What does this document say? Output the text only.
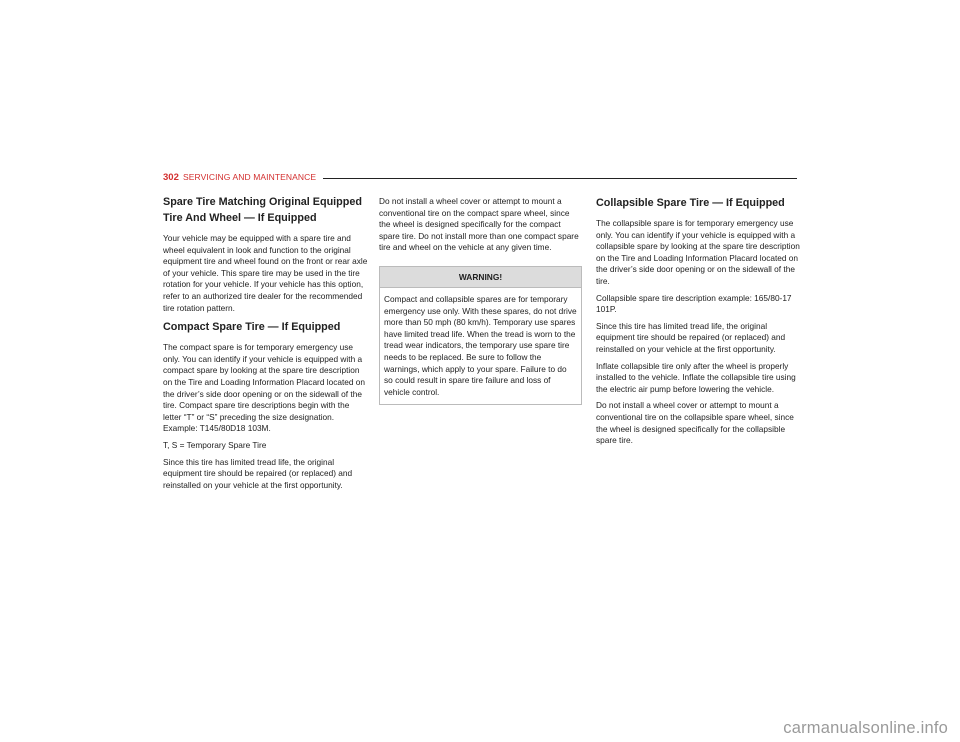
302 SERVICING AND MAINTENANCE
Spare Tire Matching Original Equipped Tire And Wheel — If Equipped

Your vehicle may be equipped with a spare tire and wheel equivalent in look and function to the original equipment tire and wheel found on the front or rear axle of your vehicle. This spare tire may be used in the tire rotation for your vehicle. If your vehicle has this option, refer to an authorized tire dealer for the recommended tire rotation pattern.

Compact Spare Tire — If Equipped

The compact spare is for temporary emergency use only. You can identify if your vehicle is equipped with a compact spare by looking at the spare tire description on the Tire and Loading Information Placard located on the driver’s side door opening or on the sidewall of the tire. Compact spare tire descriptions begin with the letter “T” or “S” preceding the size designation. Example: T145/80D18 103M.

T, S = Temporary Spare Tire

Since this tire has limited tread life, the original equipment tire should be repaired (or replaced) and reinstalled on your vehicle at the first opportunity.

Do not install a wheel cover or attempt to mount a conventional tire on the compact spare wheel, since the wheel is designed specifically for the compact spare tire. Do not install more than one compact spare tire and wheel on the vehicle at any given time.

WARNING!

Compact and collapsible spares are for temporary emergency use only. With these spares, do not drive more than 50 mph (80 km/h). Temporary use spares have limited tread life. When the tread is worn to the tread wear indicators, the temporary use spare tire needs to be replaced. Be sure to follow the warnings, which apply to your spare. Failure to do so could result in spare tire failure and loss of vehicle control.

Collapsible Spare Tire — If Equipped

The collapsible spare is for temporary emergency use only. You can identify if your vehicle is equipped with a collapsible spare by looking at the spare tire description on the Tire and Loading Information Placard located on the driver’s side door opening or on the sidewall of the tire.

Collapsible spare tire description example: 165/80-17 101P.

Since this tire has limited tread life, the original equipment tire should be repaired (or replaced) and reinstalled on your vehicle at the first opportunity.

Inflate collapsible tire only after the wheel is properly installed to the vehicle. Inflate the collapsible tire using the electric air pump before lowering the vehicle.

Do not install a wheel cover or attempt to mount a conventional tire on the collapsible spare wheel, since the wheel is designed specifically for the collapsible spare tire.

carmanualsonline.info
